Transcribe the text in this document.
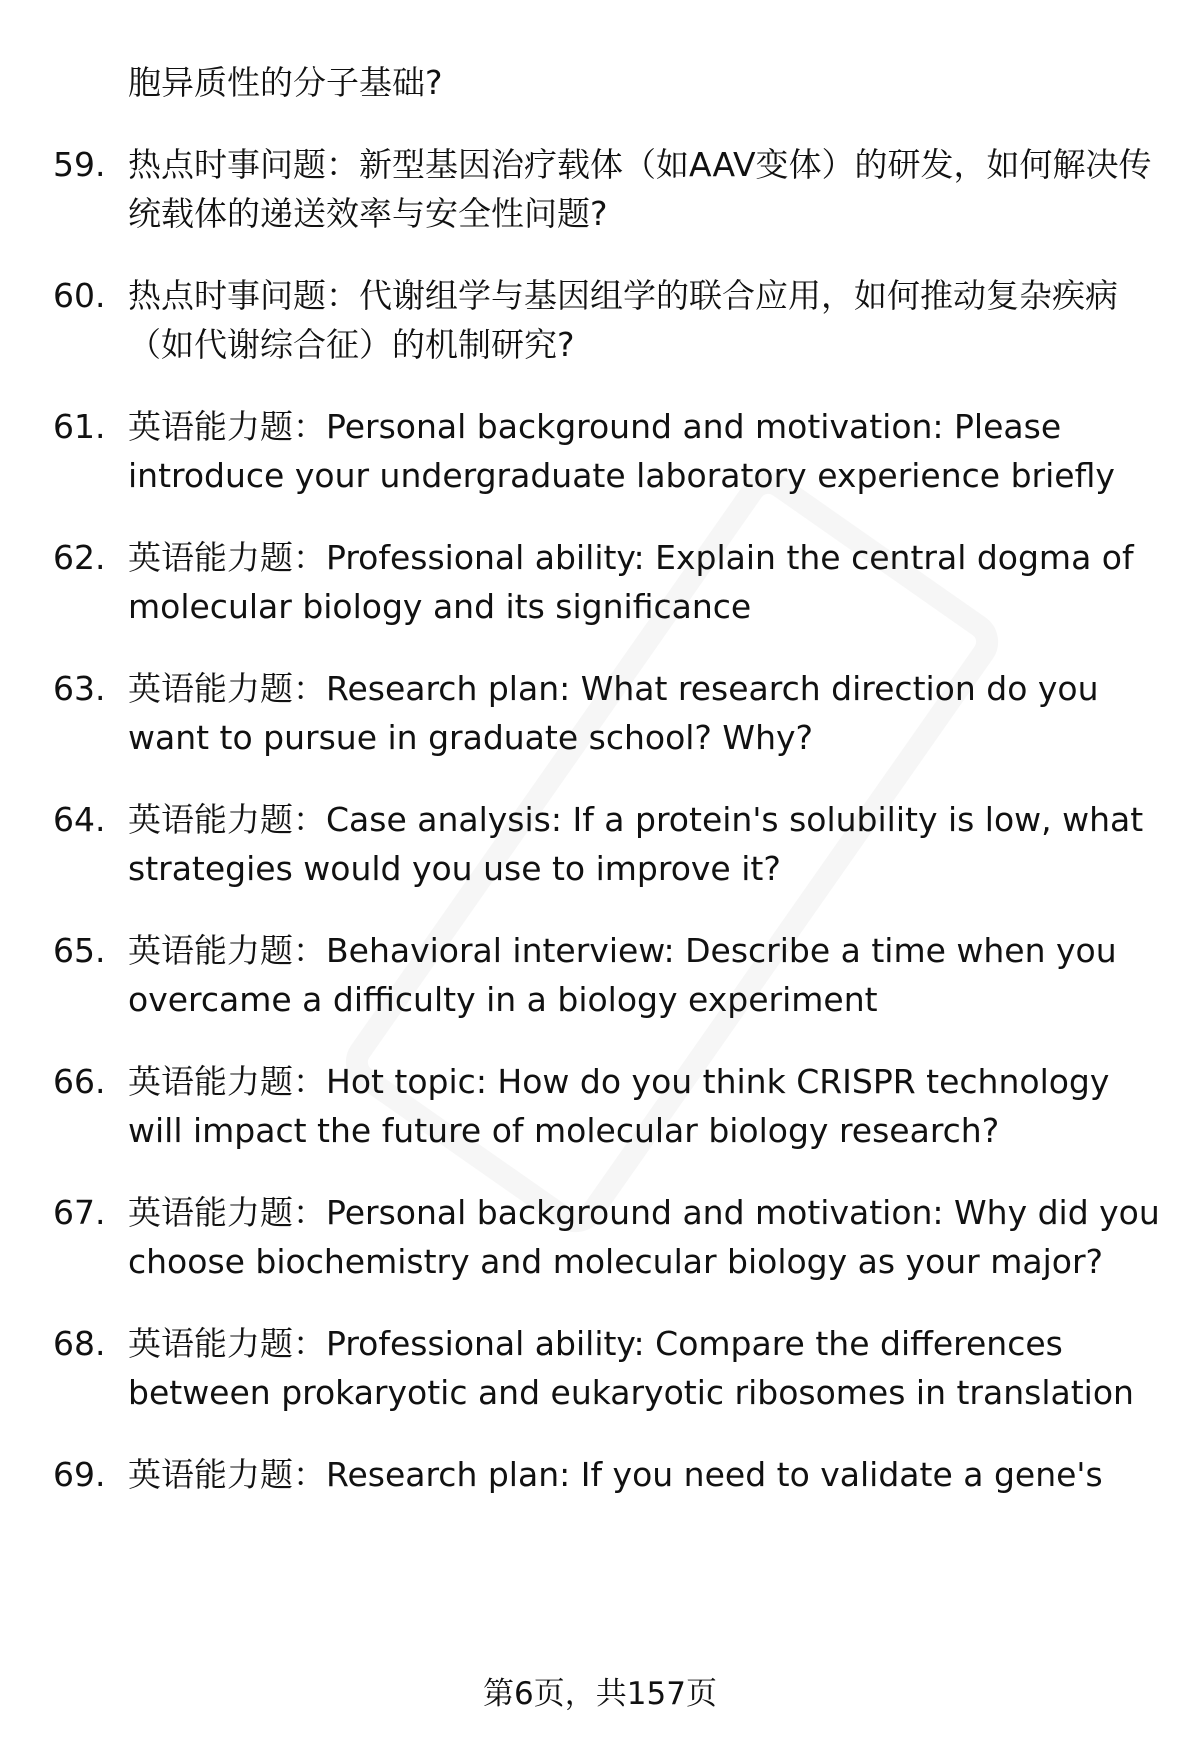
胞异质性的分子基础?
59. 热点时事问题：新型基因治疗载体（如AAV变体）的研发，如何解决传统载体的递送效率与安全性问题?
60. 热点时事问题：代谢组学与基因组学的联合应用，如何推动复杂疾病（如代谢综合征）的机制研究?
61. 英语能力题：Personal background and motivation: Please introduce your undergraduate laboratory experience briefly
62. 英语能力题：Professional ability: Explain the central dogma of molecular biology and its significance
63. 英语能力题：Research plan: What research direction do you want to pursue in graduate school? Why?
64. 英语能力题：Case analysis: If a protein's solubility is low, what strategies would you use to improve it?
65. 英语能力题：Behavioral interview: Describe a time when you overcame a difficulty in a biology experiment
66. 英语能力题：Hot topic: How do you think CRISPR technology will impact the future of molecular biology research?
67. 英语能力题：Personal background and motivation: Why did you choose biochemistry and molecular biology as your major?
68. 英语能力题：Professional ability: Compare the differences between prokaryotic and eukaryotic ribosomes in translation
69. 英语能力题：Research plan: If you need to validate a gene's
第6页，共157页
